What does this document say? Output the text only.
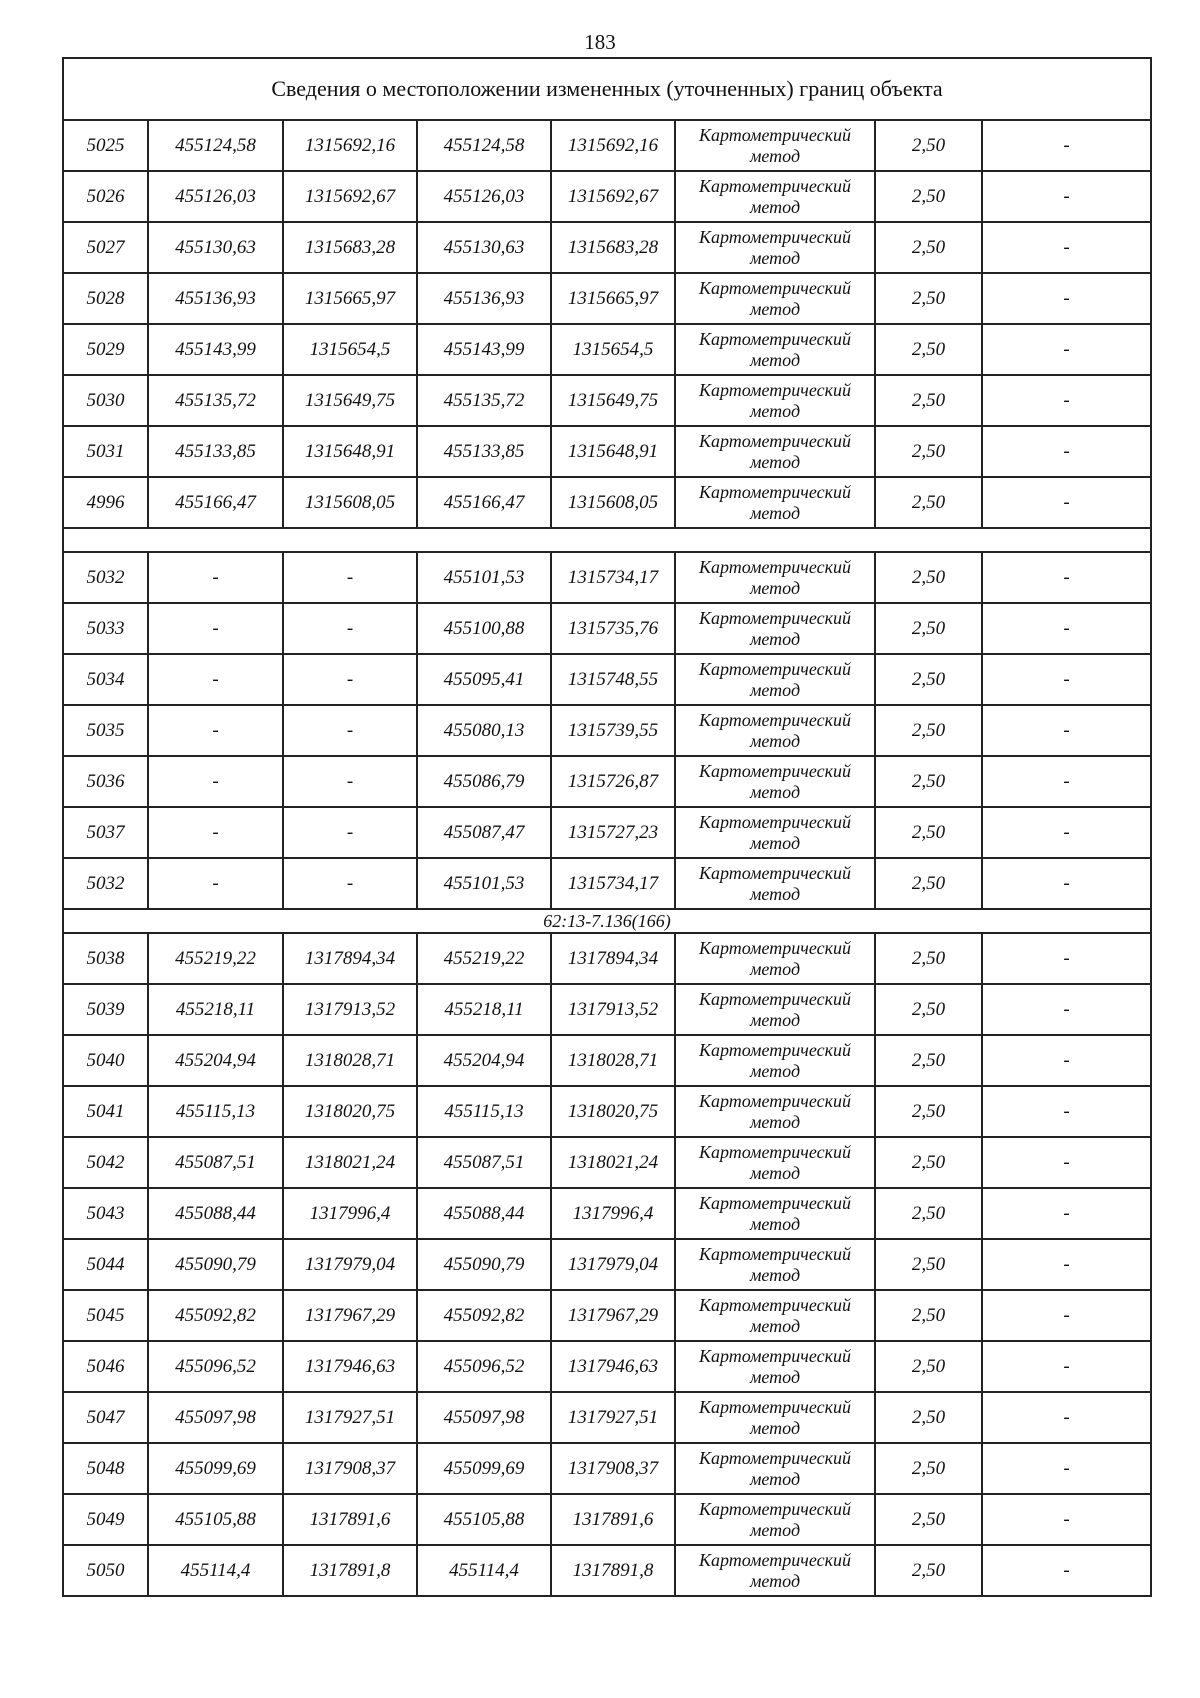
183
Сведения о местоположении измененных (уточненных) границ объекта							
5025	455124,58	1315692,16	455124,58	1315692,16	Картометрический метод	2,50	-
5026	455126,03	1315692,67	455126,03	1315692,67	Картометрический метод	2,50	-
5027	455130,63	1315683,28	455130,63	1315683,28	Картометрический метод	2,50	-
5028	455136,93	1315665,97	455136,93	1315665,97	Картометрический метод	2,50	-
5029	455143,99	1315654,5	455143,99	1315654,5	Картометрический метод	2,50	-
5030	455135,72	1315649,75	455135,72	1315649,75	Картометрический метод	2,50	-
5031	455133,85	1315648,91	455133,85	1315648,91	Картометрический метод	2,50	-
4996	455166,47	1315608,05	455166,47	1315608,05	Картометрический метод	2,50	-

5032	-	-	455101,53	1315734,17	Картометрический метод	2,50	-
5033	-	-	455100,88	1315735,76	Картометрический метод	2,50	-
5034	-	-	455095,41	1315748,55	Картометрический метод	2,50	-
5035	-	-	455080,13	1315739,55	Картометрический метод	2,50	-
5036	-	-	455086,79	1315726,87	Картометрический метод	2,50	-
5037	-	-	455087,47	1315727,23	Картометрический метод	2,50	-
5032	-	-	455101,53	1315734,17	Картометрический метод	2,50	-
62:13-7.136(166)							
5038	455219,22	1317894,34	455219,22	1317894,34	Картометрический метод	2,50	-
5039	455218,11	1317913,52	455218,11	1317913,52	Картометрический метод	2,50	-
5040	455204,94	1318028,71	455204,94	1318028,71	Картометрический метод	2,50	-
5041	455115,13	1318020,75	455115,13	1318020,75	Картометрический метод	2,50	-
5042	455087,51	1318021,24	455087,51	1318021,24	Картометрический метод	2,50	-
5043	455088,44	1317996,4	455088,44	1317996,4	Картометрический метод	2,50	-
5044	455090,79	1317979,04	455090,79	1317979,04	Картометрический метод	2,50	-
5045	455092,82	1317967,29	455092,82	1317967,29	Картометрический метод	2,50	-
5046	455096,52	1317946,63	455096,52	1317946,63	Картометрический метод	2,50	-
5047	455097,98	1317927,51	455097,98	1317927,51	Картометрический метод	2,50	-
5048	455099,69	1317908,37	455099,69	1317908,37	Картометрический метод	2,50	-
5049	455105,88	1317891,6	455105,88	1317891,6	Картометрический метод	2,50	-
5050	455114,4	1317891,8	455114,4	1317891,8	Картометрический метод	2,50	-
